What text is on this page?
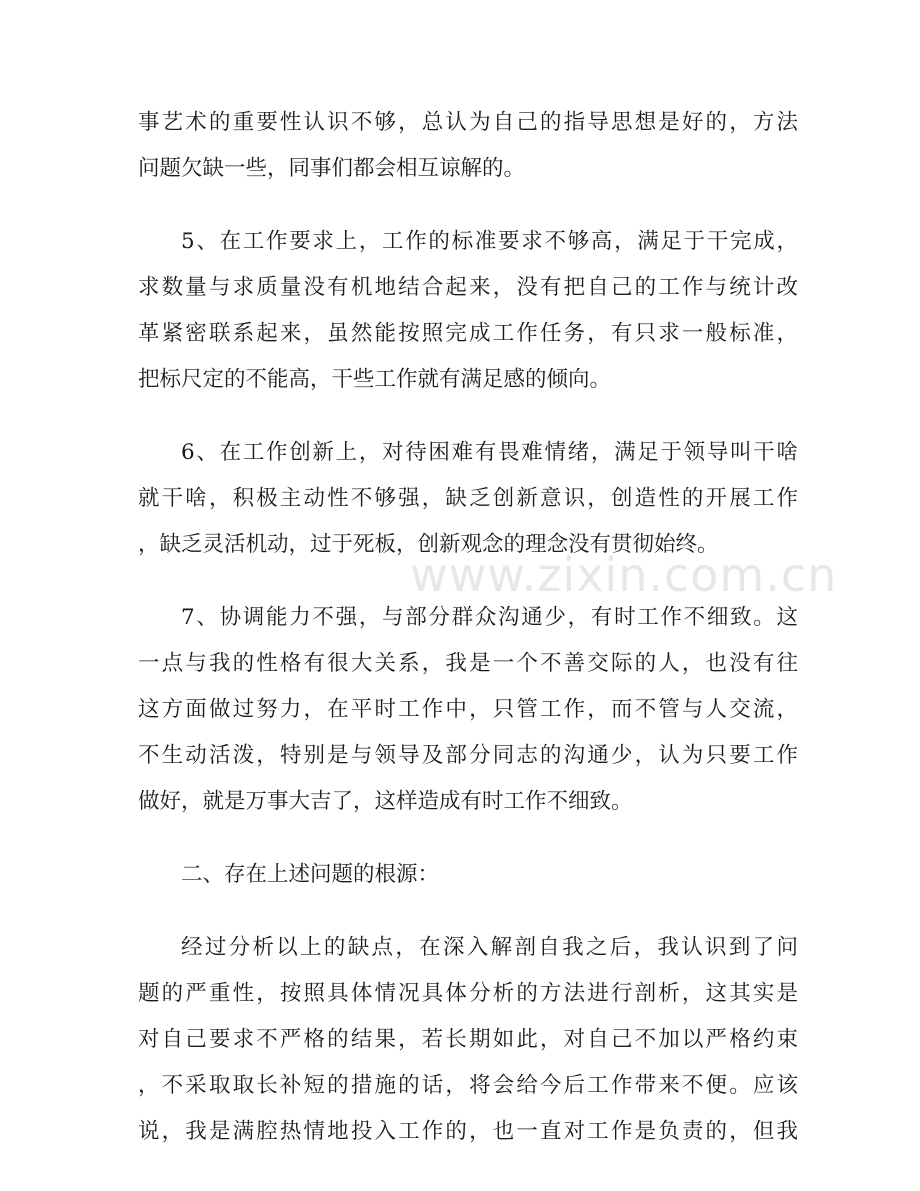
事艺术的重要性认识不够，总认为自己的指导思想是好的，方法
问题欠缺一些，同事们都会相互谅解的。
5、在工作要求上，工作的标准要求不够高，满足于干完成，
求数量与求质量没有机地结合起来，没有把自己的工作与统计改
革紧密联系起来，虽然能按照完成工作任务，有只求一般标准，
把标尺定的不能高，干些工作就有满足感的倾向。
6、在工作创新上，对待困难有畏难情绪，满足于领导叫干啥
就干啥，积极主动性不够强，缺乏创新意识，创造性的开展工作
，缺乏灵活机动，过于死板，创新观念的理念没有贯彻始终。
7、协调能力不强，与部分群众沟通少，有时工作不细致。这
一点与我的性格有很大关系，我是一个不善交际的人，也没有往
这方面做过努力，在平时工作中，只管工作，而不管与人交流，
不生动活泼，特别是与领导及部分同志的沟通少，认为只要工作
做好，就是万事大吉了，这样造成有时工作不细致。
二、存在上述问题的根源：
经过分析以上的缺点，在深入解剖自我之后，我认识到了问
题的严重性，按照具体情况具体分析的方法进行剖析，这其实是
对自己要求不严格的结果，若长期如此，对自己不加以严格约束
，不采取取长补短的措施的话，将会给今后工作带来不便。应该
说，我是满腔热情地投入工作的，也一直对工作是负责的，但我
www.zixin.com.cn
